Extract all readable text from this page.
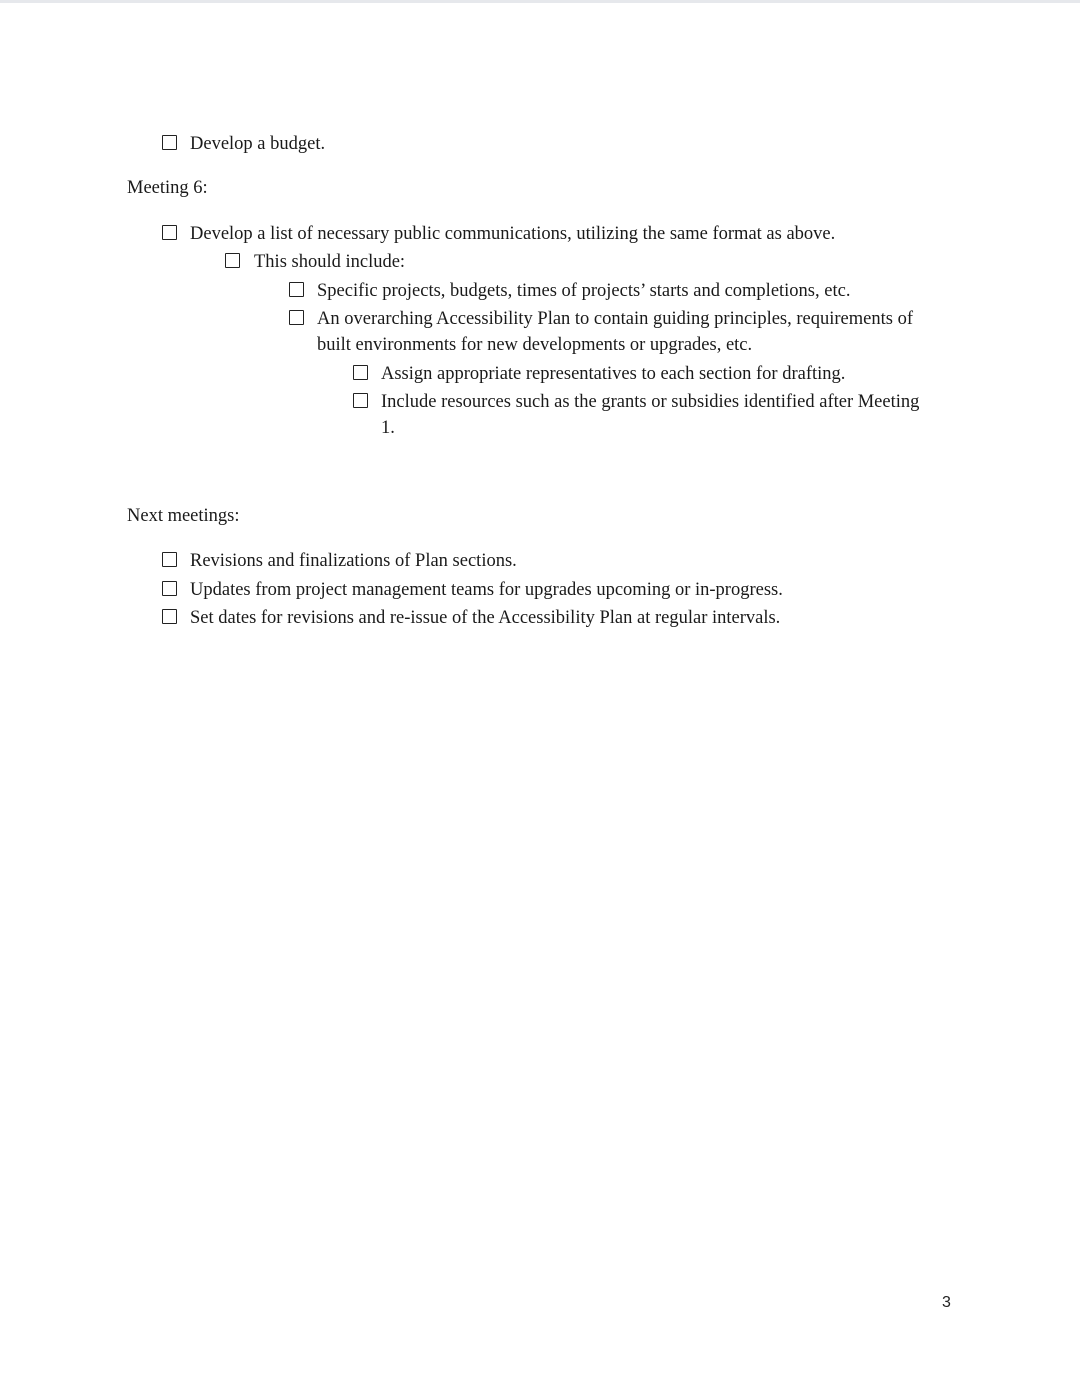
Develop a budget.
Meeting 6:
Develop a list of necessary public communications, utilizing the same format as above.
This should include:
Specific projects, budgets, times of projects’ starts and completions, etc.
An overarching Accessibility Plan to contain guiding principles, requirements of
built environments for new developments or upgrades, etc.
Assign appropriate representatives to each section for drafting.
Include resources such as the grants or subsidies identified after Meeting
1.
Next meetings:
Revisions and finalizations of Plan sections.
Updates from project management teams for upgrades upcoming or in-progress.
Set dates for revisions and re-issue of the Accessibility Plan at regular intervals.
3
